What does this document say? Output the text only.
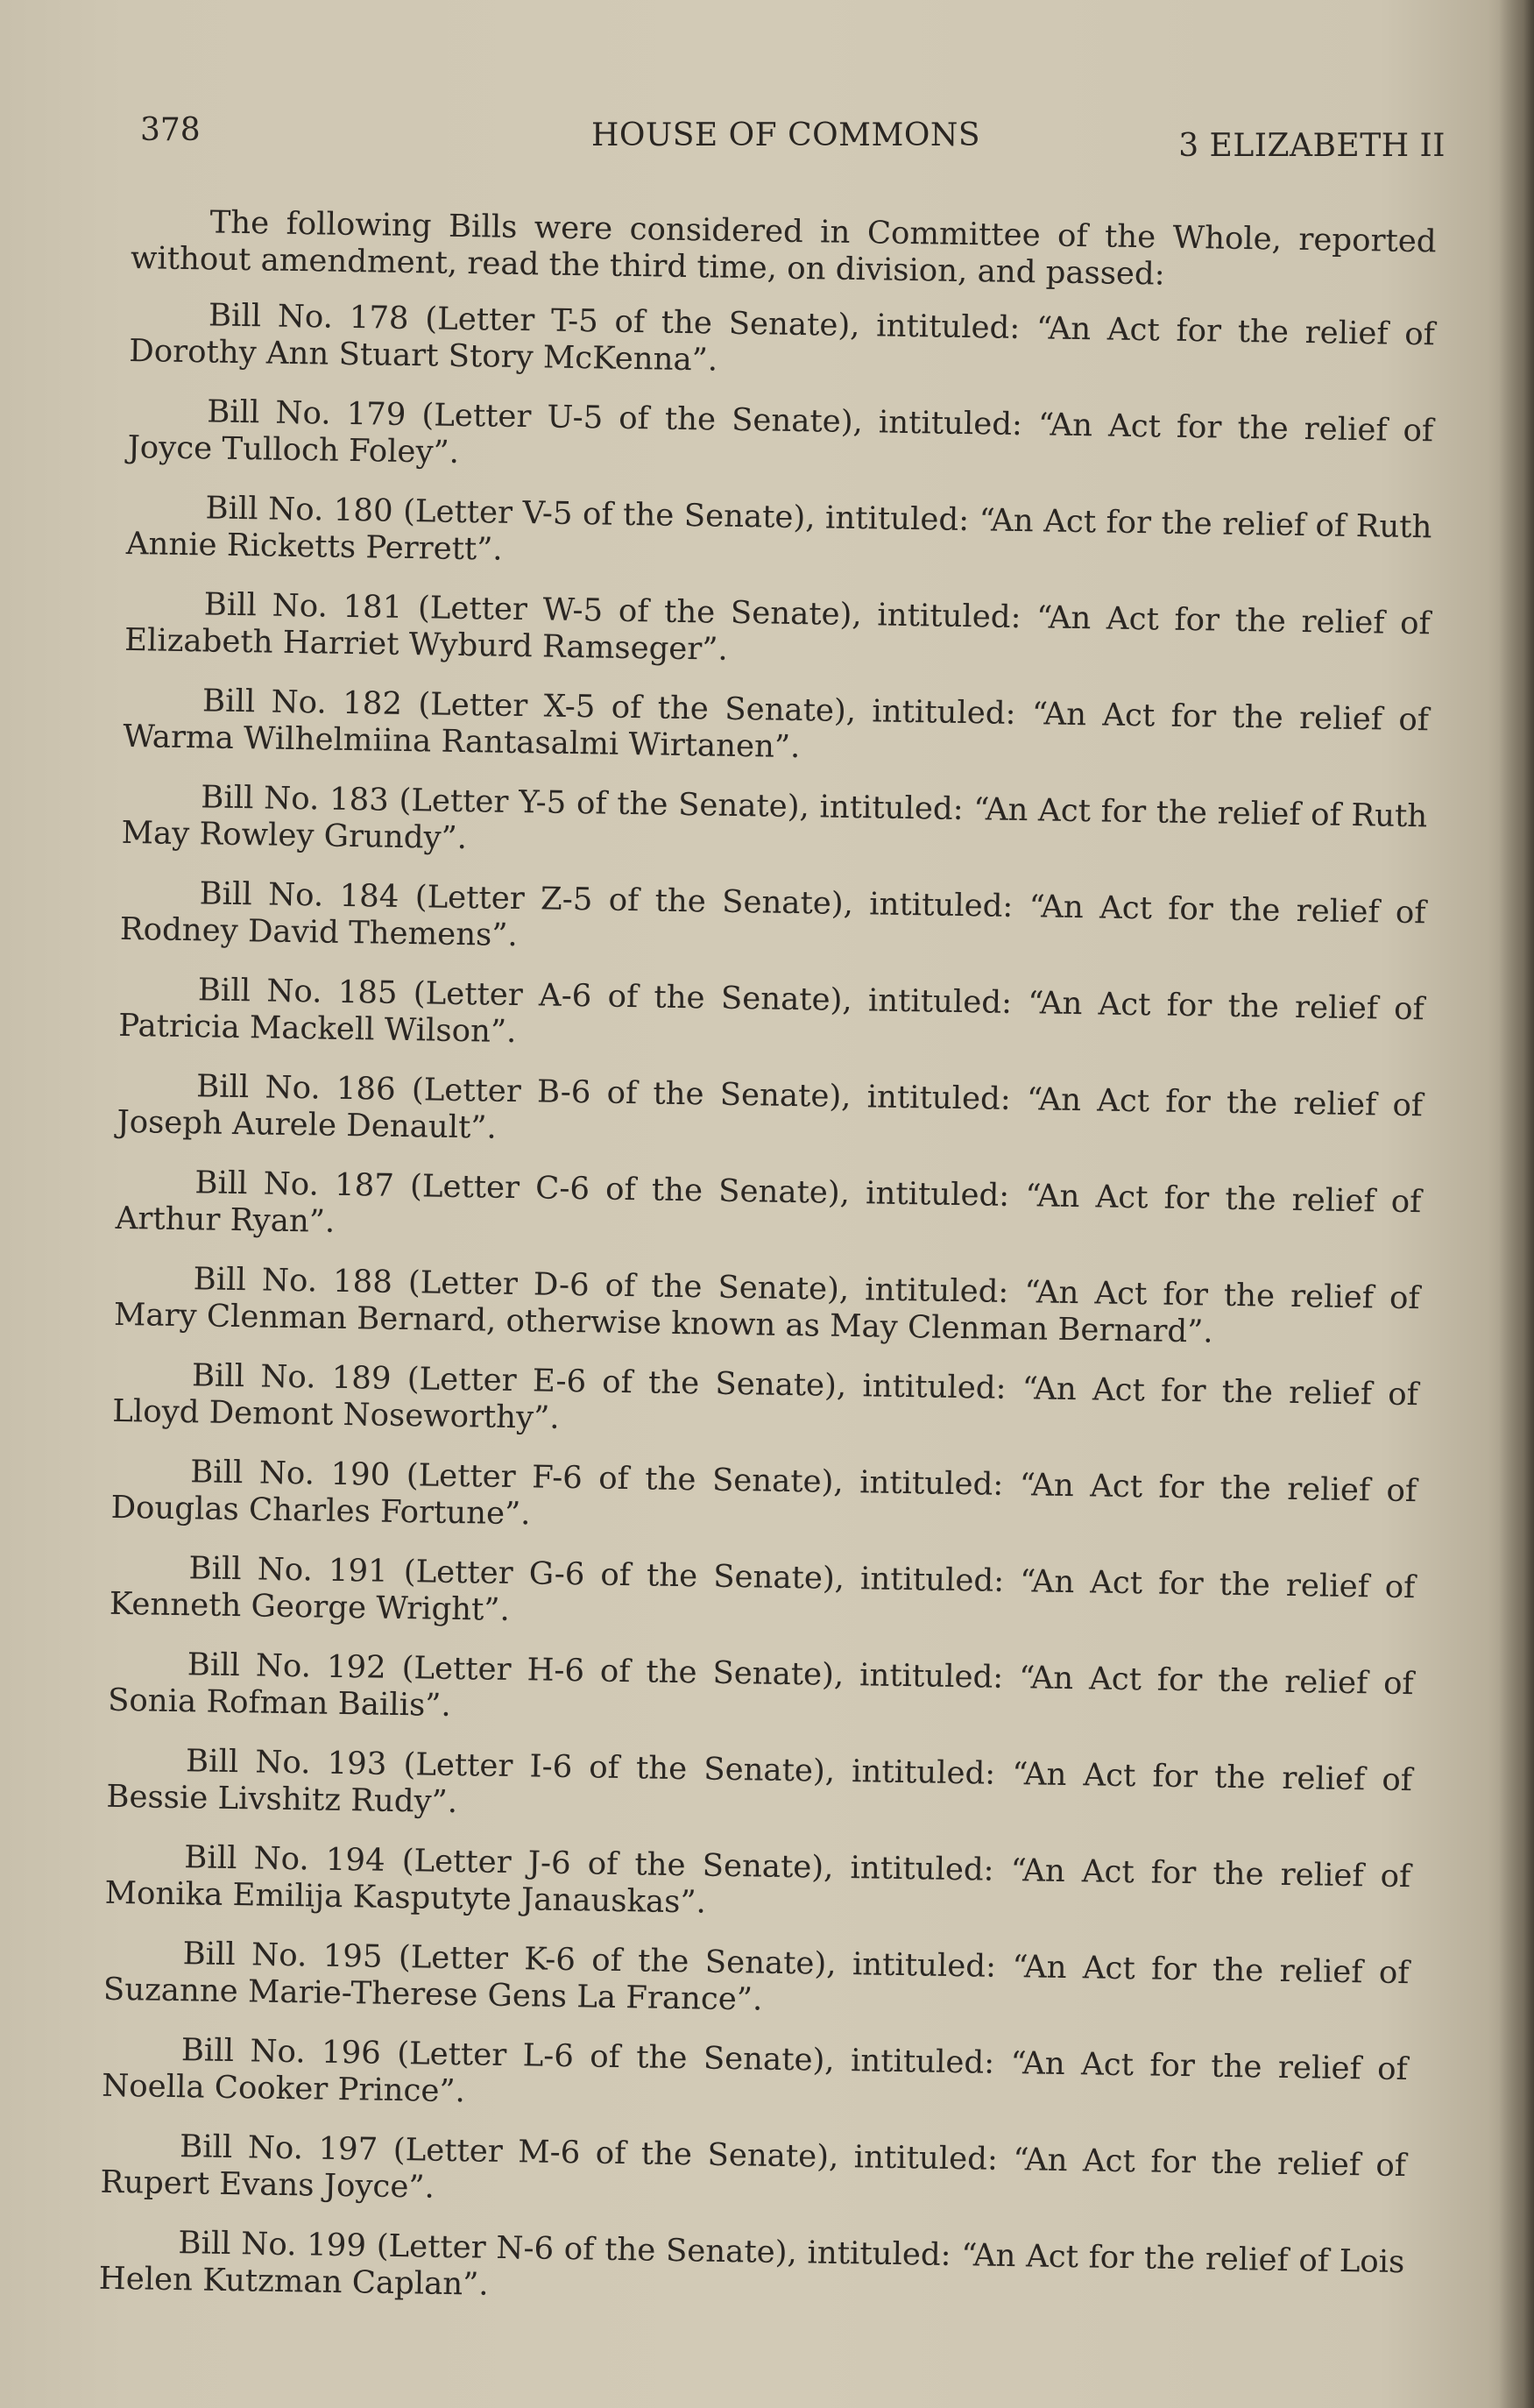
378	HOUSE OF COMMONS	3 ELIZABETH II

The following Bills were considered in Committee of the Whole, reported without amendment, read the third time, on division, and passed:

Bill No. 178 (Letter T-5 of the Senate), intituled: “An Act for the relief of Dorothy Ann Stuart Story McKenna”.

Bill No. 179 (Letter U-5 of the Senate), intituled: “An Act for the relief of Joyce Tulloch Foley”.

Bill No. 180 (Letter V-5 of the Senate), intituled: “An Act for the relief of Ruth Annie Ricketts Perrett”.

Bill No. 181 (Letter W-5 of the Senate), intituled: “An Act for the relief of Elizabeth Harriet Wyburd Ramseger”.

Bill No. 182 (Letter X-5 of the Senate), intituled: “An Act for the relief of Warma Wilhelmiina Rantasalmi Wirtanen”.

Bill No. 183 (Letter Y-5 of the Senate), intituled: “An Act for the relief of Ruth May Rowley Grundy”.

Bill No. 184 (Letter Z-5 of the Senate), intituled: “An Act for the relief of Rodney David Themens”.

Bill No. 185 (Letter A-6 of the Senate), intituled: “An Act for the relief of Patricia Mackell Wilson”.

Bill No. 186 (Letter B-6 of the Senate), intituled: “An Act for the relief of Joseph Aurele Denault”.

Bill No. 187 (Letter C-6 of the Senate), intituled: “An Act for the relief of Arthur Ryan”.

Bill No. 188 (Letter D-6 of the Senate), intituled: “An Act for the relief of Mary Clenman Bernard, otherwise known as May Clenman Bernard”.

Bill No. 189 (Letter E-6 of the Senate), intituled: “An Act for the relief of Lloyd Demont Noseworthy”.

Bill No. 190 (Letter F-6 of the Senate), intituled: “An Act for the relief of Douglas Charles Fortune”.

Bill No. 191 (Letter G-6 of the Senate), intituled: “An Act for the relief of Kenneth George Wright”.

Bill No. 192 (Letter H-6 of the Senate), intituled: “An Act for the relief of Sonia Rofman Bailis”.

Bill No. 193 (Letter I-6 of the Senate), intituled: “An Act for the relief of Bessie Livshitz Rudy”.

Bill No. 194 (Letter J-6 of the Senate), intituled: “An Act for the relief of Monika Emilija Kasputyte Janauskas”.

Bill No. 195 (Letter K-6 of the Senate), intituled: “An Act for the relief of Suzanne Marie-Therese Gens La France”.

Bill No. 196 (Letter L-6 of the Senate), intituled: “An Act for the relief of Noella Cooker Prince”.

Bill No. 197 (Letter M-6 of the Senate), intituled: “An Act for the relief of Rupert Evans Joyce”.

Bill No. 199 (Letter N-6 of the Senate), intituled: “An Act for the relief of Lois Helen Kutzman Caplan”.
